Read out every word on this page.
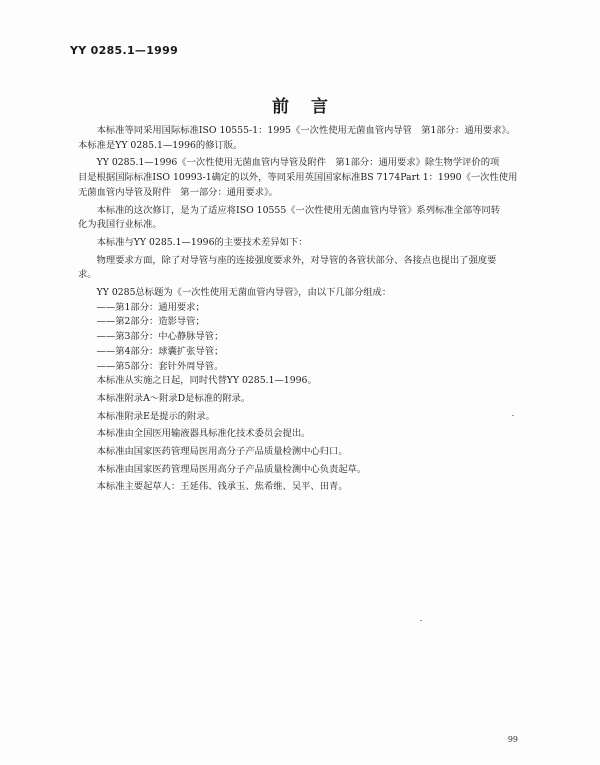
YY 0285.1—1999
前言

本标准等同采用国际标准ISO 10555-1：1995《一次性使用无菌血管内导管　第1部分：通用要求》。

本标准是YY 0285.1—1996的修订版。

YY 0285.1—1996《一次性使用无菌血管内导管及附件　第1部分：通用要求》除生物学评价的项

目是根据国际标准ISO 10993-1确定的以外，等同采用英国国家标准BS 7174Part 1：1990《一次性使用

无菌血管内导管及附件　第一部分：通用要求》。

本标准的这次修订，是为了适应将ISO 10555《一次性使用无菌血管内导管》系列标准全部等同转

化为我国行业标准。

本标准与YY 0285.1—1996的主要技术差异如下：

物理要求方面，除了对导管与座的连接强度要求外，对导管的各管状部分、各接点也提出了强度要

求。

YY 0285总标题为《一次性使用无菌血管内导管》，由以下几部分组成：

——第1部分：通用要求；

——第2部分：造影导管；

——第3部分：中心静脉导管；

——第4部分：球囊扩张导管；

——第5部分：套针外周导管。

本标准从实施之日起，同时代替YY 0285.1—1996。

本标准附录A～附录D是标准的附录。

本标准附录E是提示的附录。

本标准由全国医用输液器具标准化技术委员会提出。

本标准由国家医药管理局医用高分子产品质量检测中心归口。

本标准由国家医药管理局医用高分子产品质量检测中心负责起草。

本标准主要起草人：王延伟、钱承玉、焦希维、吴平、田青。

99
